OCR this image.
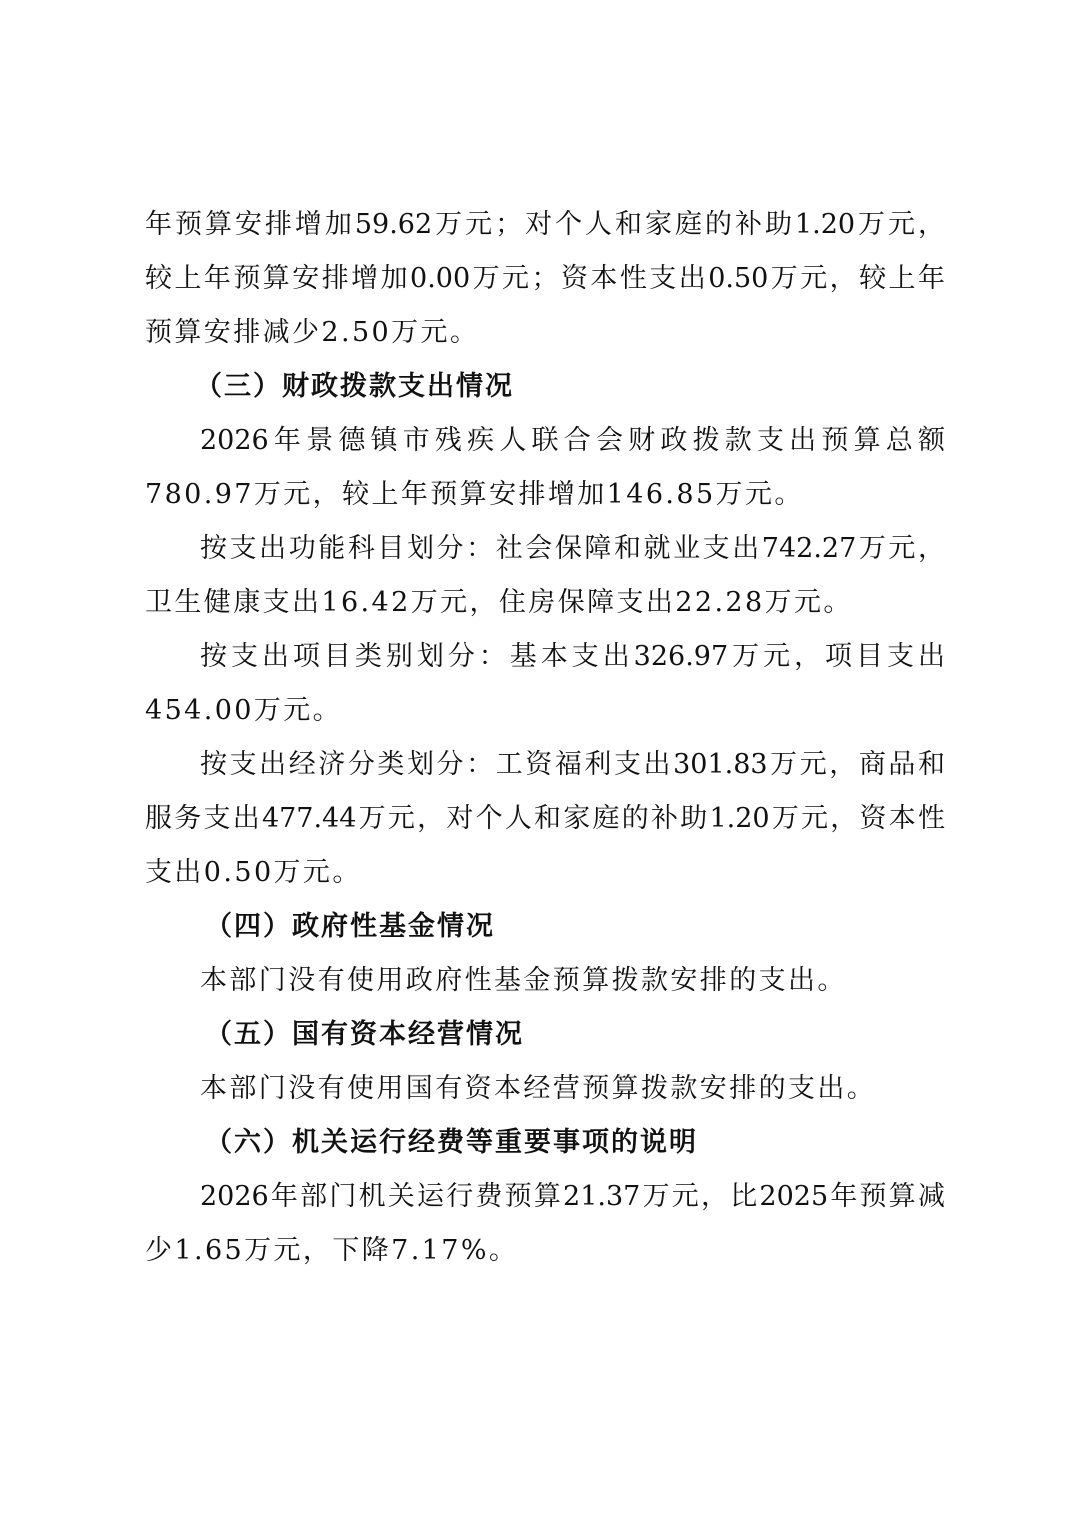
年预算安排增加59.62万元；对个人和家庭的补助1.20万元，
较上年预算安排增加0.00万元；资本性支出0.50万元，较上年
预算安排减少2.50万元。
（三）财政拨款支出情况
2026年景德镇市残疾人联合会财政拨款支出预算总额
780.97万元，较上年预算安排增加146.85万元。
按支出功能科目划分：社会保障和就业支出742.27万元，
卫生健康支出16.42万元，住房保障支出22.28万元。
按支出项目类别划分：基本支出326.97万元，项目支出
454.00万元。
按支出经济分类划分：工资福利支出301.83万元，商品和
服务支出477.44万元，对个人和家庭的补助1.20万元，资本性
支出0.50万元。
（四）政府性基金情况
本部门没有使用政府性基金预算拨款安排的支出。
（五）国有资本经营情况
本部门没有使用国有资本经营预算拨款安排的支出。
（六）机关运行经费等重要事项的说明
2026年部门机关运行费预算21.37万元，比2025年预算减
少1.65万元，下降7.17%。
